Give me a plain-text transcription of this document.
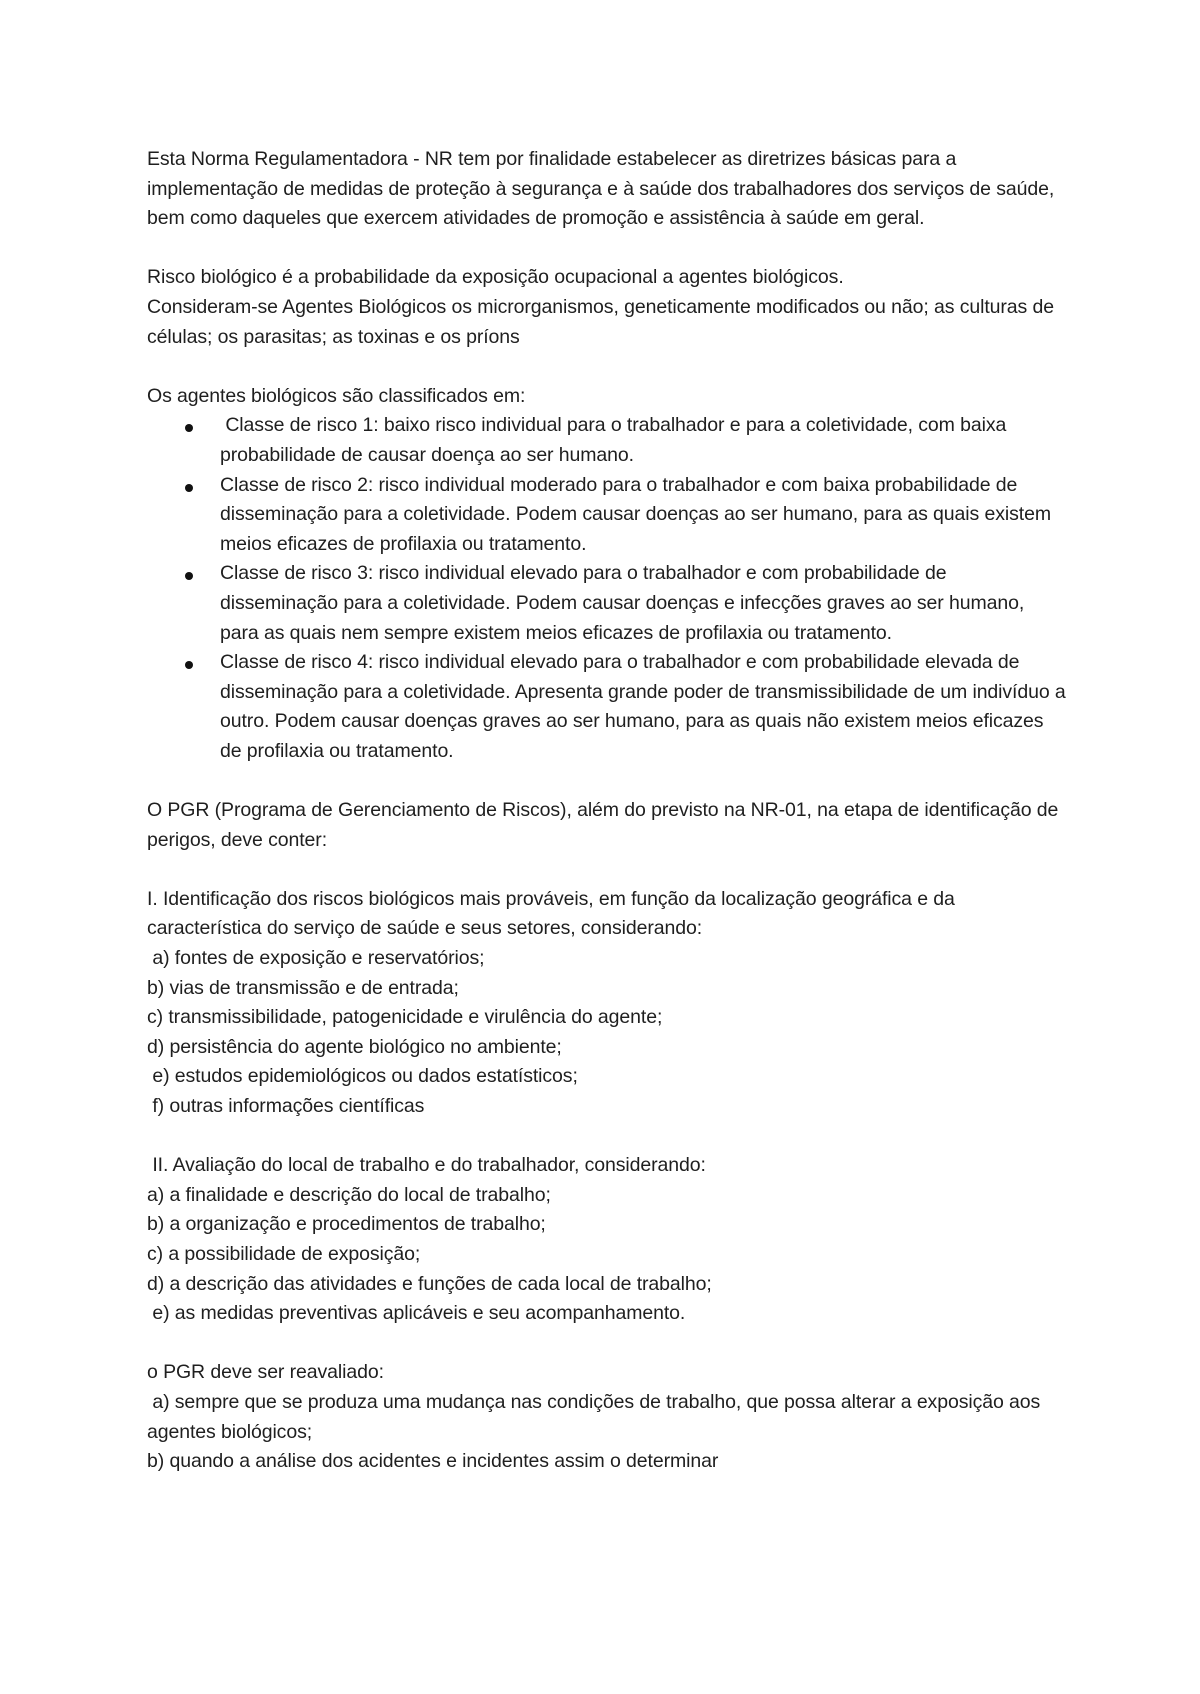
Esta Norma Regulamentadora - NR tem por finalidade estabelecer as diretrizes básicas para a implementação de medidas de proteção à segurança e à saúde dos trabalhadores dos serviços de saúde, bem como daqueles que exercem atividades de promoção e assistência à saúde em geral.

Risco biológico é a probabilidade da exposição ocupacional a agentes biológicos.

Consideram-se Agentes Biológicos os microrganismos, geneticamente modificados ou não; as culturas de células; os parasitas; as toxinas e os príons

Os agentes biológicos são classificados em:

Classe de risco 1: baixo risco individual para o trabalhador e para a coletividade, com baixa probabilidade de causar doença ao ser humano.
Classe de risco 2: risco individual moderado para o trabalhador e com baixa probabilidade de disseminação para a coletividade. Podem causar doenças ao ser humano, para as quais existem meios eficazes de profilaxia ou tratamento.
Classe de risco 3: risco individual elevado para o trabalhador e com probabilidade de disseminação para a coletividade. Podem causar doenças e infecções graves ao ser humano, para as quais nem sempre existem meios eficazes de profilaxia ou tratamento.
Classe de risco 4: risco individual elevado para o trabalhador e com probabilidade elevada de disseminação para a coletividade. Apresenta grande poder de transmissibilidade de um indivíduo a outro. Podem causar doenças graves ao ser humano, para as quais não existem meios eficazes de profilaxia ou tratamento.

O PGR (Programa de Gerenciamento de Riscos), além do previsto na NR-01, na etapa de identificação de perigos, deve conter:

I. Identificação dos riscos biológicos mais prováveis, em função da localização geográfica e da característica do serviço de saúde e seus setores, considerando:

a) fontes de exposição e reservatórios;

b) vias de transmissão e de entrada;

c) transmissibilidade, patogenicidade e virulência do agente;

d) persistência do agente biológico no ambiente;

e) estudos epidemiológicos ou dados estatísticos;

f) outras informações científicas

II. Avaliação do local de trabalho e do trabalhador, considerando:

a) a finalidade e descrição do local de trabalho;

b) a organização e procedimentos de trabalho;

c) a possibilidade de exposição;

d) a descrição das atividades e funções de cada local de trabalho;

e) as medidas preventivas aplicáveis e seu acompanhamento.

o PGR deve ser reavaliado:

a) sempre que se produza uma mudança nas condições de trabalho, que possa alterar a exposição aos agentes biológicos;

b) quando a análise dos acidentes e incidentes assim o determinar
